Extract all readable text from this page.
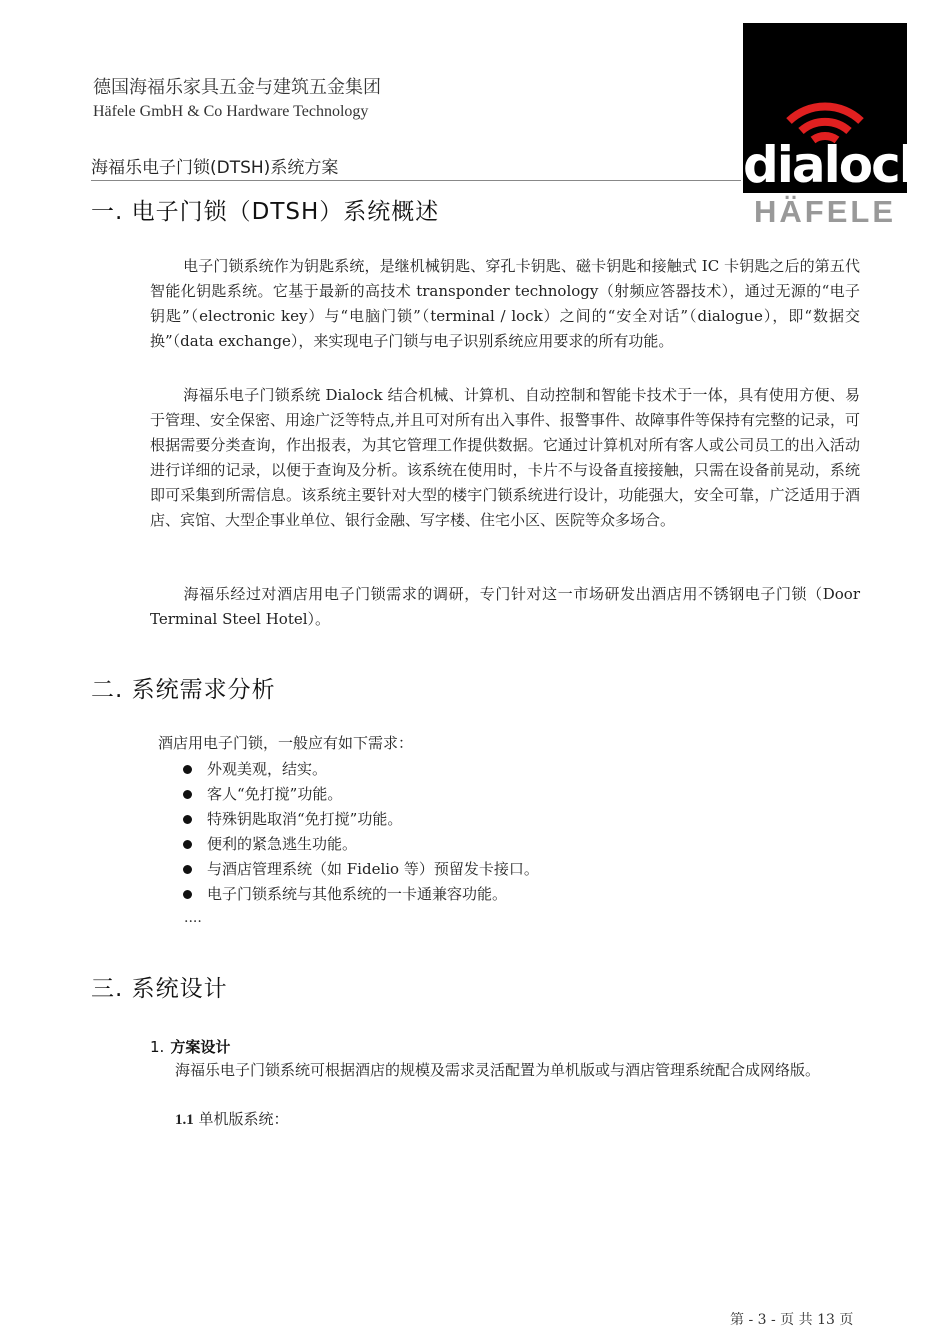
德国海福乐家具五金与建筑五金集团
Häfele GmbH & Co Hardware Technology
海福乐电子门锁(DTSH)系统方案	dialock
HÄFELE
一. 电子门锁（DTSH）系统概述
电子门锁系统作为钥匙系统，是继机械钥匙、穿孔卡钥匙、磁卡钥匙和接触式 IC 卡钥匙之后的第五代智能化钥匙系统。它基于最新的高技术 transponder technology（射频应答器技术），通过无源的“电子钥匙”（electronic key）与“电脑门锁”（terminal / lock）之间的“安全对话”（dialogue），即“数据交换”（data exchange），来实现电子门锁与电子识别系统应用要求的所有功能。
海福乐电子门锁系统 Dialock 结合机械、计算机、自动控制和智能卡技术于一体，具有使用方便、易于管理、安全保密、用途广泛等特点,并且可对所有出入事件、报警事件、故障事件等保持有完整的记录，可根据需要分类查询，作出报表，为其它管理工作提供数据。它通过计算机对所有客人或公司员工的出入活动进行详细的记录，以便于查询及分析。该系统在使用时，卡片不与设备直接接触，只需在设备前晃动，系统即可采集到所需信息。该系统主要针对大型的楼宇门锁系统进行设计，功能强大，安全可靠，广泛适用于酒店、宾馆、大型企事业单位、银行金融、写字楼、住宅小区、医院等众多场合。
海福乐经过对酒店用电子门锁需求的调研，专门针对这一市场研发出酒店用不锈钢电子门锁（Door Terminal Steel Hotel）。
二. 系统需求分析
酒店用电子门锁，一般应有如下需求：
外观美观，结实。
客人“免打搅”功能。
特殊钥匙取消“免打搅”功能。
便利的紧急逃生功能。
与酒店管理系统（如 Fidelio 等）预留发卡接口。
电子门锁系统与其他系统的一卡通兼容功能。
....
三. 系统设计
1. 方案设计
海福乐电子门锁系统可根据酒店的规模及需求灵活配置为单机版或与酒店管理系统配合成网络版。
1.1 单机版系统：
第 - 3 - 页 共 13 页
